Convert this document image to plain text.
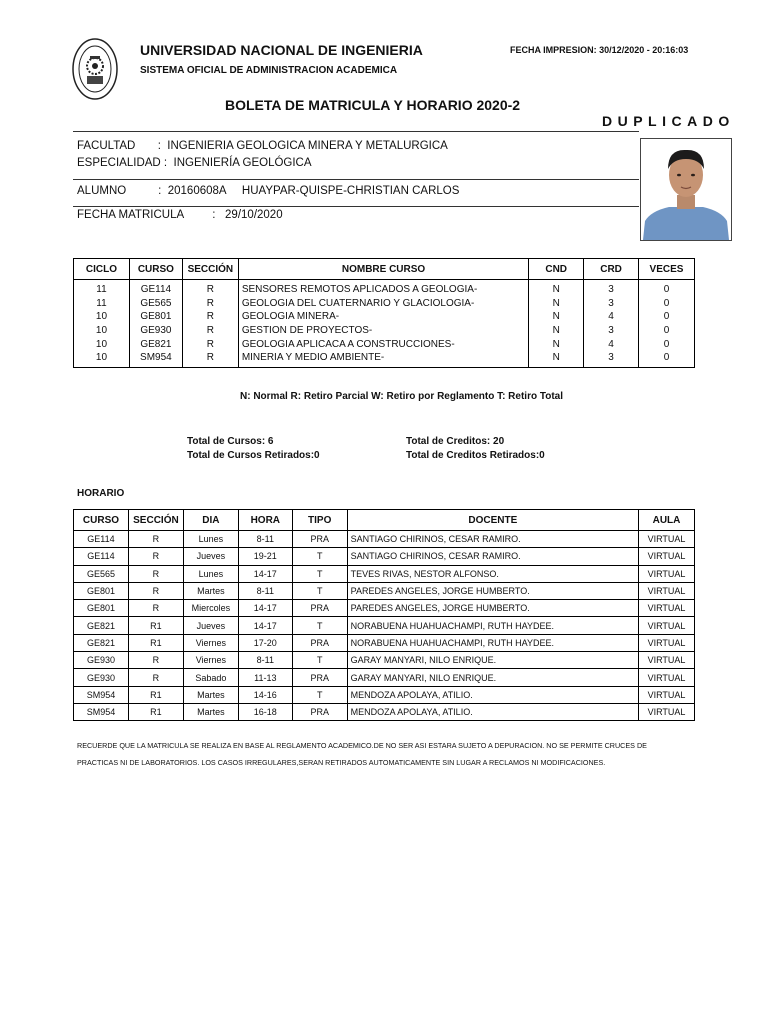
UNIVERSIDAD NACIONAL DE INGENIERIA
SISTEMA OFICIAL DE ADMINISTRACION ACADEMICA
FECHA IMPRESION: 30/12/2020 - 20:16:03
BOLETA DE MATRICULA Y HORARIO 2020-2
DUPLICADO
FACULTAD       :  INGENIERIA GEOLOGICA MINERA Y METALURGICA
ESPECIALIDAD :  INGENIERÍA GEOLÓGICA
ALUMNO          :  20160608A     HUAYPAR-QUISPE-CHRISTIAN CARLOS
FECHA MATRICULA         :   29/10/2020
CICLO	CURSO	SECCIÓN	NOMBRE CURSO	CND	CRD	VECES
11	GE114	R	SENSORES REMOTOS APLICADOS A GEOLOGIA-	N	3	0
11	GE565	R	GEOLOGIA DEL CUATERNARIO Y GLACIOLOGIA-	N	3	0
10	GE801	R	GEOLOGIA MINERA-	N	4	0
10	GE930	R	GESTION DE PROYECTOS-	N	3	0
10	GE821	R	GEOLOGIA APLICACA A CONSTRUCCIONES-	N	4	0
10	SM954	R	MINERIA Y MEDIO AMBIENTE-	N	3	0
N: Normal R: Retiro Parcial W: Retiro por Reglamento T: Retiro Total
Total de Cursos: 6	Total de Creditos: 20
Total de Cursos Retirados:0	Total de Creditos Retirados:0
HORARIO
CURSO	SECCIÓN	DIA	HORA	TIPO	DOCENTE	AULA
GE114	R	Lunes	8-11	PRA	SANTIAGO CHIRINOS, CESAR RAMIRO.	VIRTUAL
GE114	R	Jueves	19-21	T	SANTIAGO CHIRINOS, CESAR RAMIRO.	VIRTUAL
GE565	R	Lunes	14-17	T	TEVES RIVAS, NESTOR ALFONSO.	VIRTUAL
GE801	R	Martes	8-11	T	PAREDES ANGELES, JORGE HUMBERTO.	VIRTUAL
GE801	R	Miercoles	14-17	PRA	PAREDES ANGELES, JORGE HUMBERTO.	VIRTUAL
GE821	R1	Jueves	14-17	T	NORABUENA HUAHUACHAMPI, RUTH HAYDEE.	VIRTUAL
GE821	R1	Viernes	17-20	PRA	NORABUENA HUAHUACHAMPI, RUTH HAYDEE.	VIRTUAL
GE930	R	Viernes	8-11	T	GARAY MANYARI, NILO ENRIQUE.	VIRTUAL
GE930	R	Sabado	11-13	PRA	GARAY MANYARI, NILO ENRIQUE.	VIRTUAL
SM954	R1	Martes	14-16	T	MENDOZA APOLAYA, ATILIO.	VIRTUAL
SM954	R1	Martes	16-18	PRA	MENDOZA APOLAYA, ATILIO.	VIRTUAL
RECUERDE QUE LA MATRICULA SE REALIZA EN BASE AL REGLAMENTO ACADEMICO.DE NO SER ASI ESTARA SUJETO A DEPURACION. NO SE PERMITE CRUCES DE
PRACTICAS NI DE LABORATORIOS. LOS CASOS IRREGULARES,SERAN RETIRADOS AUTOMATICAMENTE SIN LUGAR A RECLAMOS NI MODIFICACIONES.
